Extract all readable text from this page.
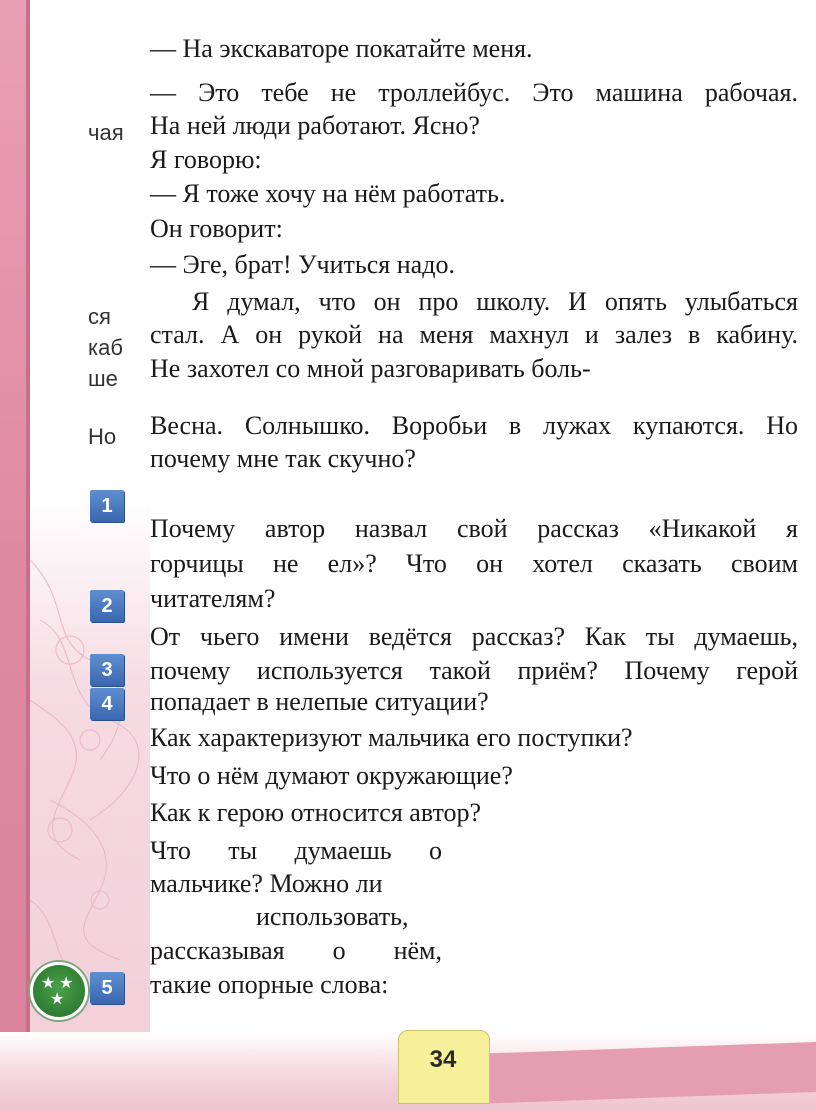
чая
ся
каб
ше
Но
— На экскаваторе покатайте меня.
— Это тебе не троллейбус. Это машина рабочая.
На ней люди работают. Ясно?
Я говорю:
— Я тоже хочу на нём работать.
Он говорит:
— Эге, брат! Учиться надо.
Я думал, что он про школу. И опять улыбаться
стал. А он рукой на меня махнул и залез в кабину.
Не захотел со мной разговаривать боль-
Весна. Солнышко. Воробьи в лужах купаются. Но
почему мне так скучно?
1
2
3
4
5
★ ★
★
Почему автор назвал свой рассказ «Никакой я
горчицы не ел»? Что он хотел сказать своим
читателям?
От чьего имени ведётся рассказ? Как ты думаешь,
почему используется такой приём? Почему герой
попадает в нелепые ситуации?
Как характеризуют мальчика его поступки?
Что о нём думают окружающие?
Как к герою относится автор?
Что ты думаешь о
мальчике? Можно ли
использовать,
рассказывая о нём,
такие опорные слова:
34
